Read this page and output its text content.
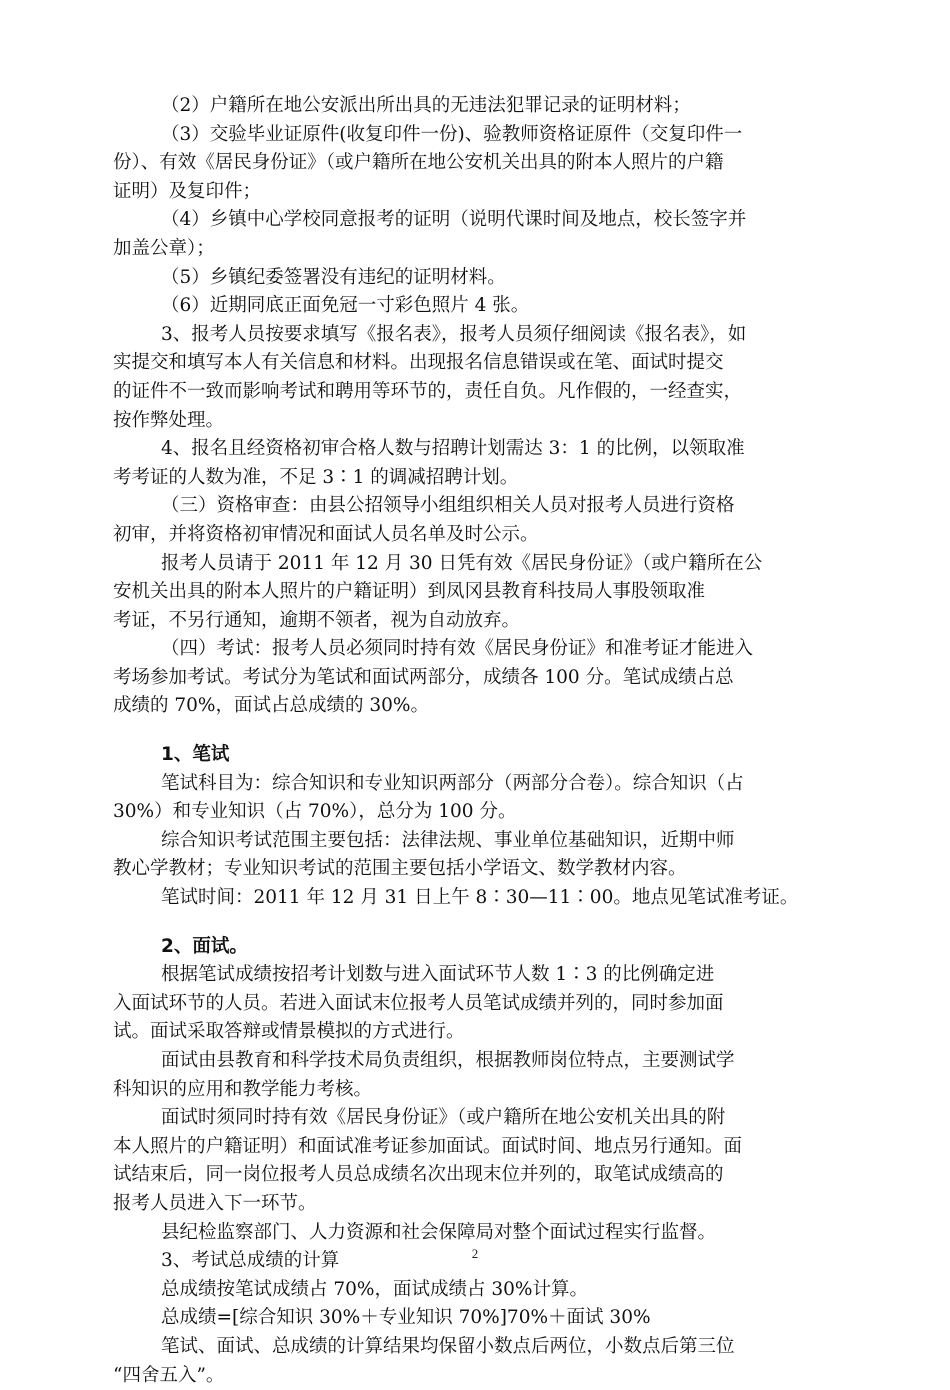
（2）户籍所在地公安派出所出具的无违法犯罪记录的证明材料；

（3）交验毕业证原件(收复印件一份)、验教师资格证原件（交复印件一

份）、有效《居民身份证》（或户籍所在地公安机关出具的附本人照片的户籍

证明）及复印件；

（4）乡镇中心学校同意报考的证明（说明代课时间及地点，校长签字并

加盖公章）；

（5）乡镇纪委签署没有违纪的证明材料。

（6）近期同底正面免冠一寸彩色照片 4 张。

3、报考人员按要求填写《报名表》，报考人员须仔细阅读《报名表》，如

实提交和填写本人有关信息和材料。出现报名信息错误或在笔、面试时提交

的证件不一致而影响考试和聘用等环节的，责任自负。凡作假的，一经查实，

按作弊处理。

4、报名且经资格初审合格人数与招聘计划需达 3：1 的比例，以领取准

考考证的人数为准，不足 3∶1 的调减招聘计划。

（三）资格审查：由县公招领导小组组织相关人员对报考人员进行资格

初审，并将资格初审情况和面试人员名单及时公示。

报考人员请于 2011 年 12 月 30 日凭有效《居民身份证》（或户籍所在公

安机关出具的附本人照片的户籍证明）到凤冈县教育科技局人事股领取准

考证，不另行通知，逾期不领者，视为自动放弃。

（四）考试：报考人员必须同时持有效《居民身份证》和准考证才能进入

考场参加考试。考试分为笔试和面试两部分，成绩各 100 分。笔试成绩占总

成绩的 70%，面试占总成绩的 30%。

1、笔试

笔试科目为：综合知识和专业知识两部分（两部分合卷）。综合知识（占

30%）和专业知识（占 70%），总分为 100 分。

综合知识考试范围主要包括：法律法规、事业单位基础知识，近期中师

教心学教材；专业知识考试的范围主要包括小学语文、数学教材内容。

笔试时间：2011 年 12 月 31 日上午 8∶30—11∶00。地点见笔试准考证。

2、面试。

根据笔试成绩按招考计划数与进入面试环节人数 1∶3 的比例确定进

入面试环节的人员。若进入面试末位报考人员笔试成绩并列的，同时参加面

试。面试采取答辩或情景模拟的方式进行。

面试由县教育和科学技术局负责组织，根据教师岗位特点，主要测试学

科知识的应用和教学能力考核。

面试时须同时持有效《居民身份证》（或户籍所在地公安机关出具的附

本人照片的户籍证明）和面试准考证参加面试。面试时间、地点另行通知。面

试结束后，同一岗位报考人员总成绩名次出现末位并列的，取笔试成绩高的

报考人员进入下一环节。

县纪检监察部门、人力资源和社会保障局对整个面试过程实行监督。

3、考试总成绩的计算

总成绩按笔试成绩占 70%，面试成绩占 30%计算。

总成绩=[综合知识 30%＋专业知识 70%]70%＋面试 30%

笔试、面试、总成绩的计算结果均保留小数点后两位，小数点后第三位

“四舍五入”。

2
